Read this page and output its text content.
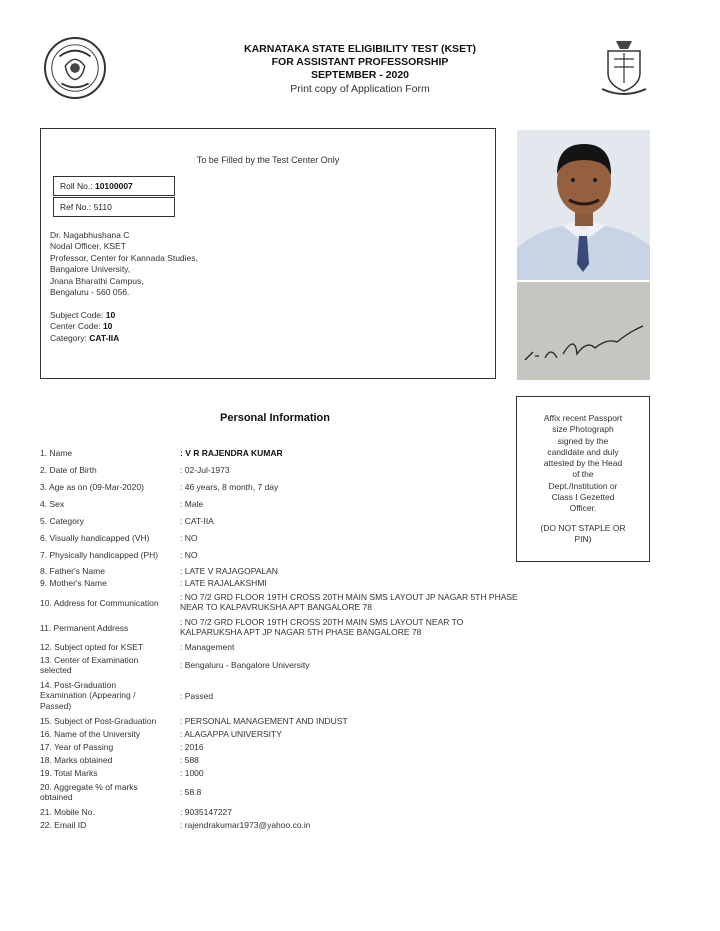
KARNATAKA STATE ELIGIBILITY TEST (KSET)
FOR ASSISTANT PROFESSORSHIP
SEPTEMBER - 2020
Print copy of Application Form
To be Filled by the Test Center Only
Roll No.: 10100007
Ref No.: 5110
Dr. Nagabhushana C
Nodal Officer, KSET
Professor, Center for Kannada Studies,
Bangalore University,
Jnana Bharathi Campus,
Bengaluru - 560 056.
Subject Code: 10
Center Code: 10
Category: CAT-IIA
Affix recent Passport
size Photograph
signed by the
candidate and duly
attested by the Head
of the
Dept./Institution or
Class I Gezetted
Officer.
(DO NOT STAPLE OR
PIN)
Personal Information
1. Name	: V R RAJENDRA KUMAR
2. Date of Birth	: 02-Jul-1973
3. Age as on (09-Mar-2020)	: 46 years, 8 month, 7 day
4. Sex	: Male
5. Category	: CAT-IIA
6. Visually handicapped (VH)	: NO
7. Physically handicapped (PH)	: NO
8. Father's Name	: LATE V RAJAGOPALAN
9. Mother's Name	: LATE RAJALAKSHMI
10. Address for Communication
: NO 7/2 GRD FLOOR 19TH CROSS 20TH MAIN SMS LAYOUT JP NAGAR 5TH PHASE NEAR TO KALPAVRUKSHA APT BANGALORE 78
11. Permanent Address
: NO 7/2 GRD FLOOR 19TH CROSS 20TH MAIN SMS LAYOUT NEAR TO KALPARUKSHA APT JP NAGAR 5TH PHASE BANGALORE 78
12. Subject opted for KSET	: Management
13. Center of Examination selected
: Bengaluru - Bangalore University
14. Post-Graduation Examination (Appearing / Passed)
: Passed
15. Subject of Post-Graduation	: PERSONAL MANAGEMENT AND INDUST
16. Name of the University	: ALAGAPPA UNIVERSITY
17. Year of Passing	: 2016
18. Marks obtained	: 588
19. Total Marks	: 1000
20. Aggregate % of marks obtained
: 58.8
21. Mobile No.	: 9035147227
22. Email ID	: rajendrakumar1973@yahoo.co.in
